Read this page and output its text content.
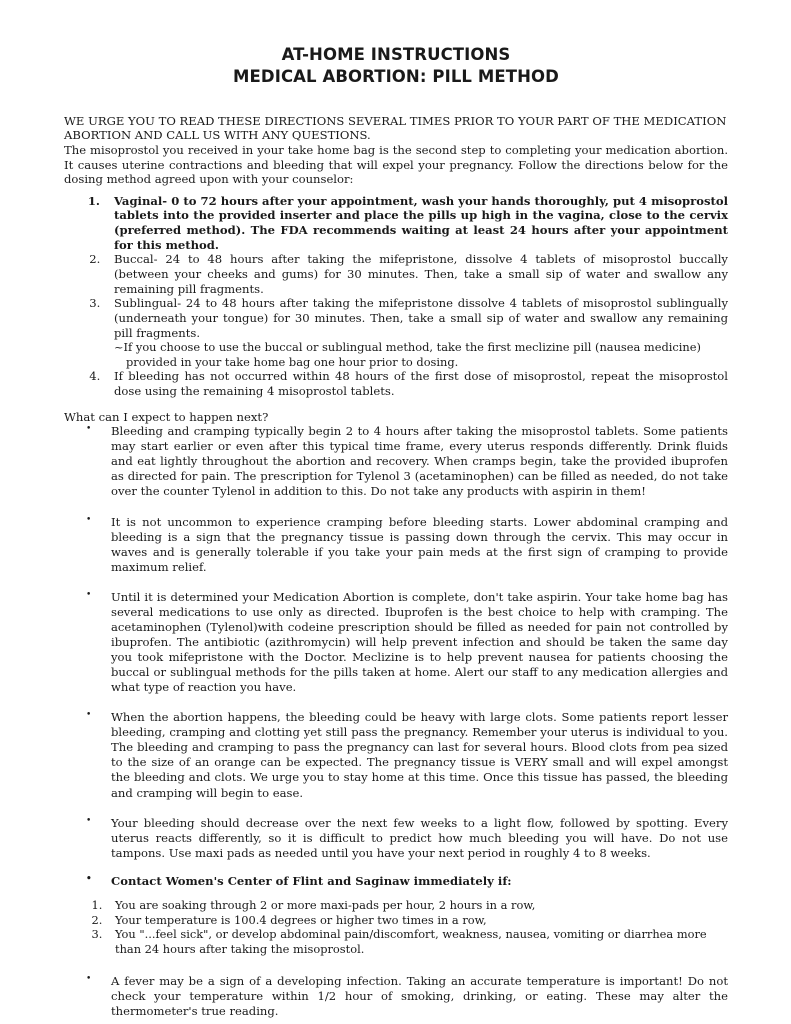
AT-HOME INSTRUCTIONS
MEDICAL ABORTION: PILL METHOD

WE URGE YOU TO READ THESE DIRECTIONS SEVERAL TIMES PRIOR TO YOUR PART OF THE MEDICATION ABORTION AND CALL US WITH ANY QUESTIONS.

The misoprostol you received in your take home bag is the second step to completing your medication abortion. It causes uterine contractions and bleeding that will expel your pregnancy. Follow the directions below for the dosing method agreed upon with your counselor:

1. Vaginal- 0 to 72 hours after your appointment, wash your hands thoroughly, put 4 misoprostol tablets into the provided inserter and place the pills up high in the vagina, close to the cervix (preferred method). The FDA recommends waiting at least 24 hours after your appointment for this method.
2. Buccal- 24 to 48 hours after taking the mifepristone, dissolve 4 tablets of misoprostol buccally (between your cheeks and gums) for 30 minutes. Then, take a small sip of water and swallow any remaining pill fragments.
3. Sublingual- 24 to 48 hours after taking the mifepristone dissolve 4 tablets of misoprostol sublingually (underneath your tongue) for 30 minutes. Then, take a small sip of water and swallow any remaining pill fragments.

~If you choose to use the buccal or sublingual method, take the first meclizine pill (nausea medicine)

provided in your take home bag one hour prior to dosing.

4. If bleeding has not occurred within 48 hours of the first dose of misoprostol, repeat the misoprostol dose using the remaining 4 misoprostol tablets.

What can I expect to happen next?

• Bleeding and cramping typically begin 2 to 4 hours after taking the misoprostol tablets. Some patients may start earlier or even after this typical time frame, every uterus responds differently. Drink fluids and eat lightly throughout the abortion and recovery. When cramps begin, take the provided ibuprofen as directed for pain. The prescription for Tylenol 3 (acetaminophen) can be filled as needed, do not take over the counter Tylenol in addition to this. Do not take any products with aspirin in them!
• It is not uncommon to experience cramping before bleeding starts. Lower abdominal cramping and bleeding is a sign that the pregnancy tissue is passing down through the cervix. This may occur in waves and is generally tolerable if you take your pain meds at the first sign of cramping to provide maximum relief.
• Until it is determined your Medication Abortion is complete, don't take aspirin. Your take home bag has several medications to use only as directed. Ibuprofen is the best choice to help with cramping. The acetaminophen (Tylenol)with codeine prescription should be filled as needed for pain not controlled by ibuprofen. The antibiotic (azithromycin) will help prevent infection and should be taken the same day you took mifepristone with the Doctor. Meclizine is to help prevent nausea for patients choosing the buccal or sublingual methods for the pills taken at home. Alert our staff to any medication allergies and what type of reaction you have.
• When the abortion happens, the bleeding could be heavy with large clots. Some patients report lesser bleeding, cramping and clotting yet still pass the pregnancy. Remember your uterus is individual to you. The bleeding and cramping to pass the pregnancy can last for several hours. Blood clots from pea sized to the size of an orange can be expected. The pregnancy tissue is VERY small and will expel amongst the bleeding and clots. We urge you to stay home at this time. Once this tissue has passed, the bleeding and cramping will begin to ease.
• Your bleeding should decrease over the next few weeks to a light flow, followed by spotting. Every uterus reacts differently, so it is difficult to predict how much bleeding you will have. Do not use tampons. Use maxi pads as needed until you have your next period in roughly 4 to 8 weeks.
• Contact Women's Center of Flint and Saginaw immediately if:
1. You are soaking through 2 or more maxi-pads per hour, 2 hours in a row,
2. Your temperature is 100.4 degrees or higher two times in a row,
3. You "...feel sick", or develop abdominal pain/discomfort, weakness, nausea, vomiting or diarrhea more than 24 hours after taking the misoprostol.
• A fever may be a sign of a developing infection. Taking an accurate temperature is important! Do not check your temperature within 1/2 hour of smoking, drinking, or eating. These may alter the thermometer's true reading.
